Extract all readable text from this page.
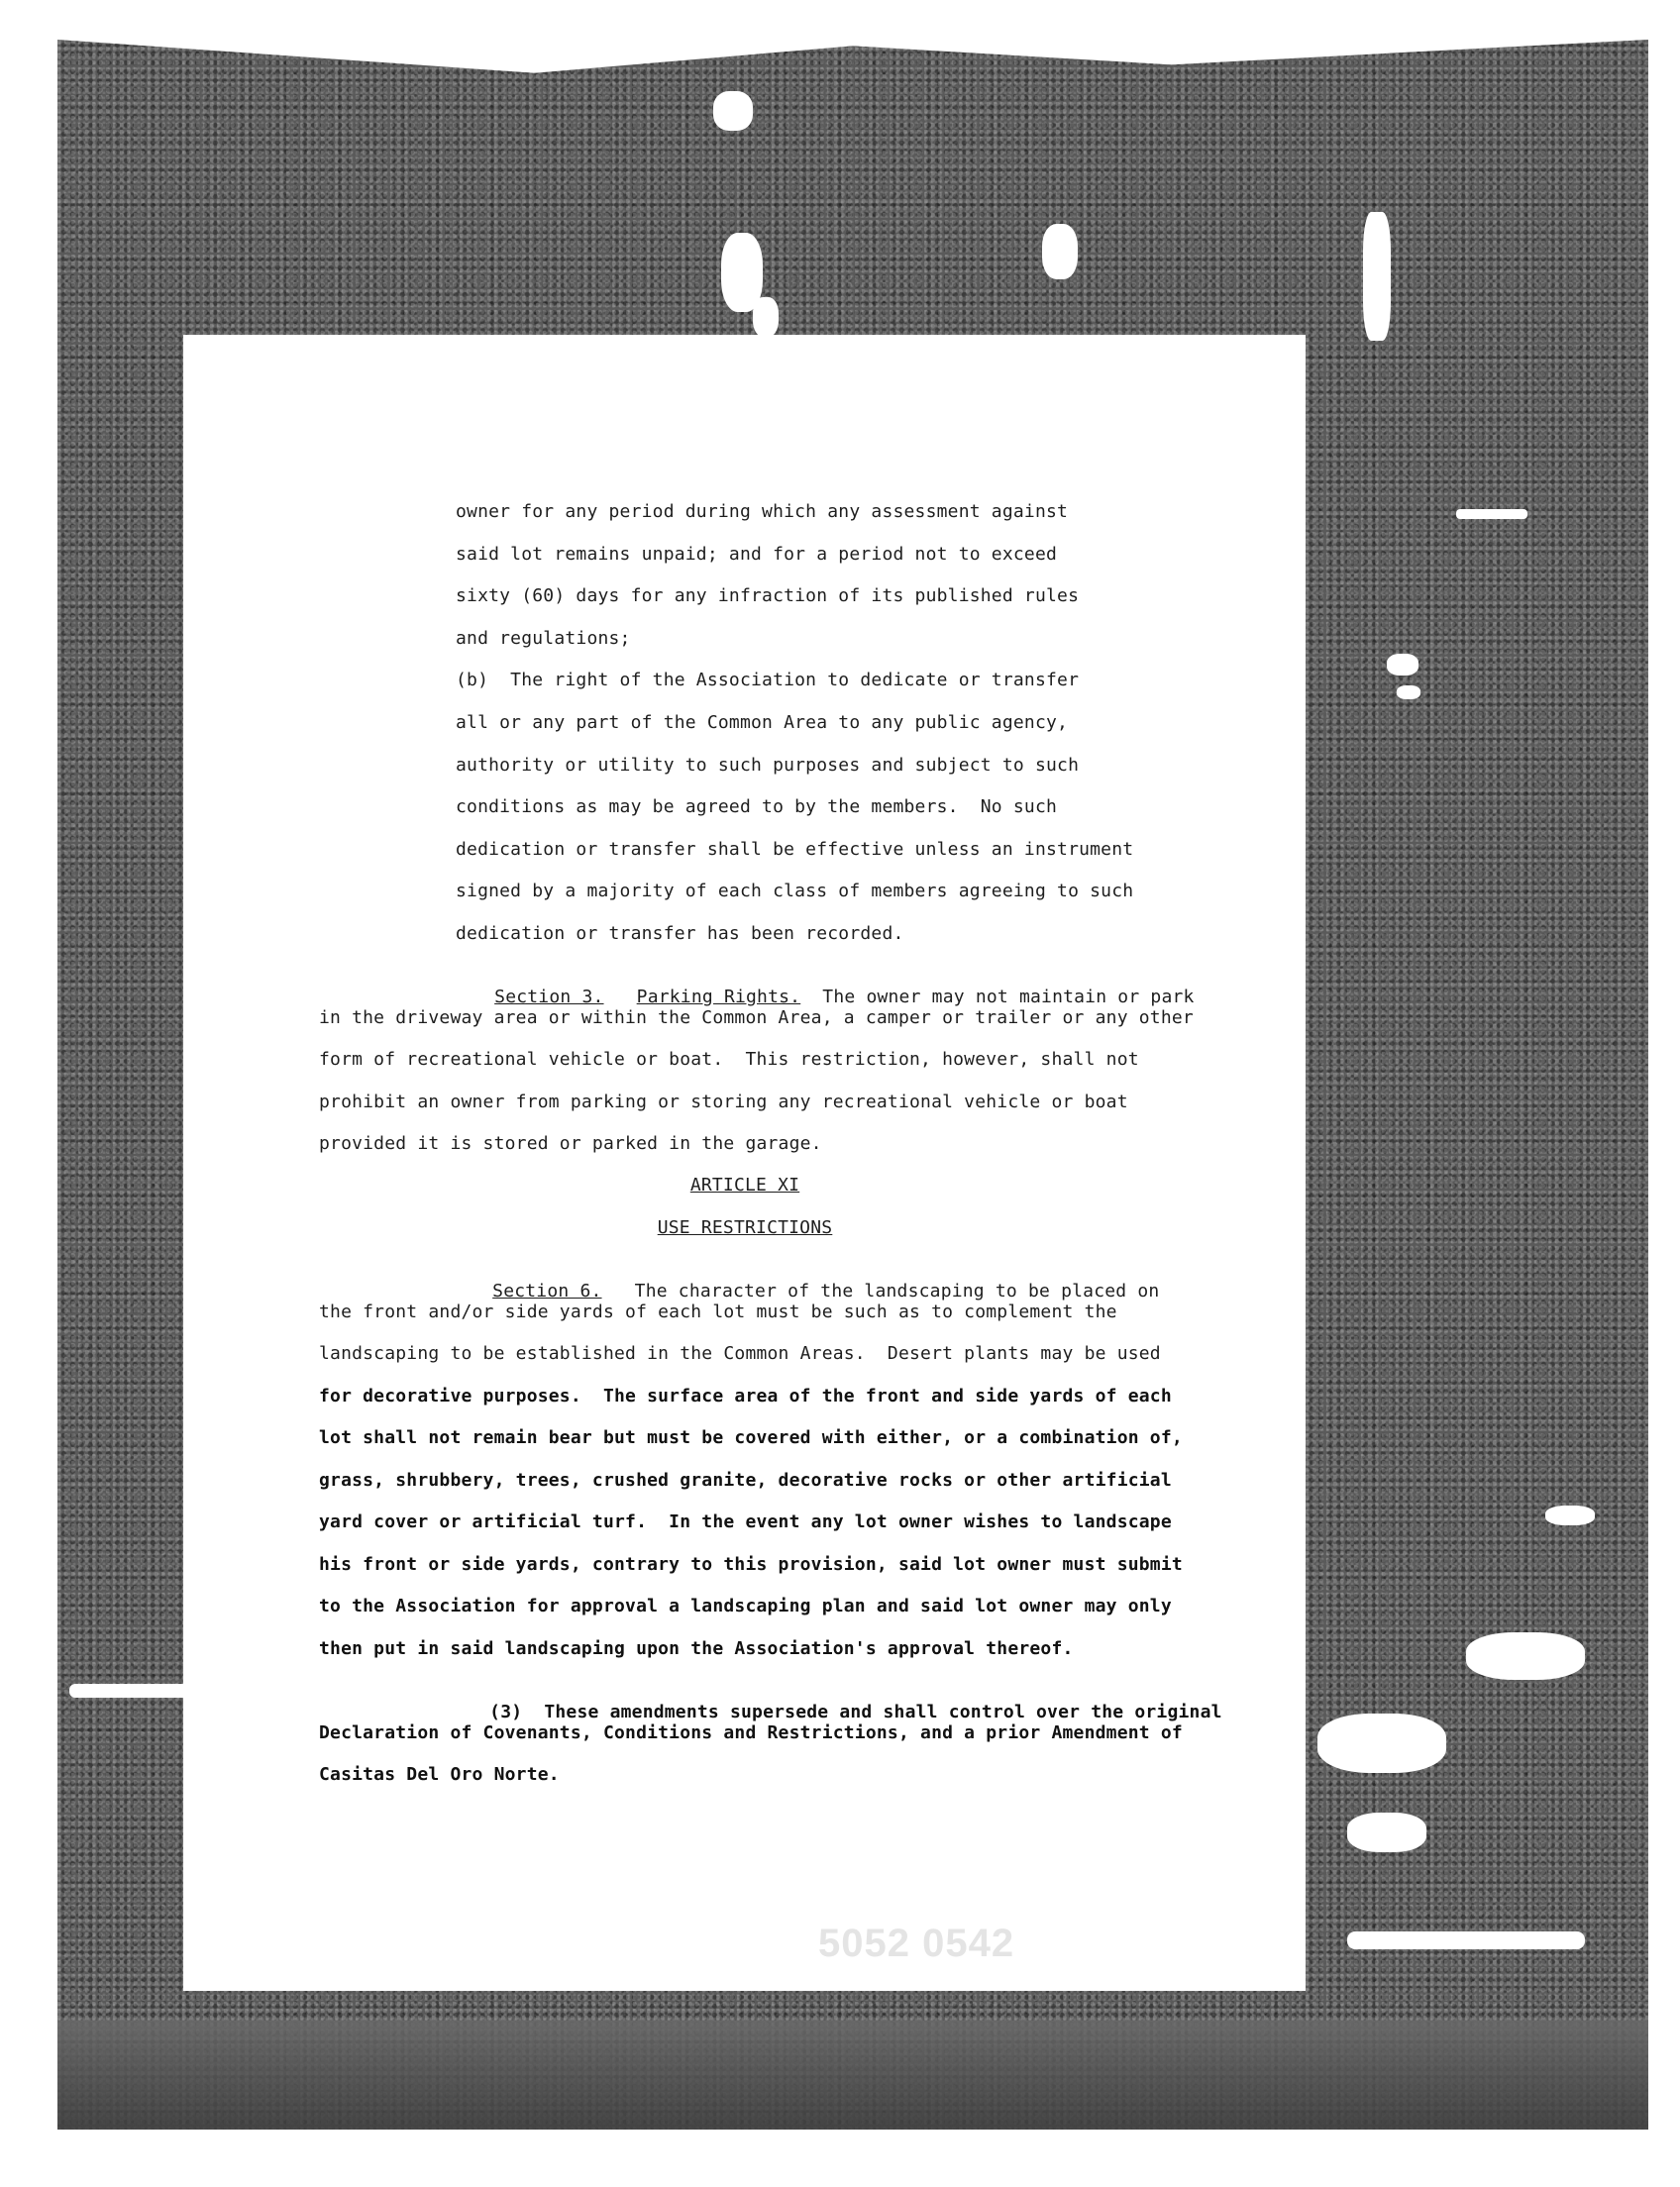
owner for any period during which any assessment against
said lot remains unpaid; and for a period not to exceed
sixty (60) days for any infraction of its published rules
and regulations;
(b)  The right of the Association to dedicate or transfer
all or any part of the Common Area to any public agency,
authority or utility to such purposes and subject to such
conditions as may be agreed to by the members.  No such
dedication or transfer shall be effective unless an instrument
signed by a majority of each class of members agreeing to such
dedication or transfer has been recorded.

Section 3. Parking Rights. The owner may not maintain or park

in the driveway area or within the Common Area, a camper or trailer or any other
form of recreational vehicle or boat.  This restriction, however, shall not
prohibit an owner from parking or storing any recreational vehicle or boat
provided it is stored or parked in the garage.
ARTICLE XI
USE RESTRICTIONS

Section 6. The character of the landscaping to be placed on

the front and/or side yards of each lot must be such as to complement the
landscaping to be established in the Common Areas.  Desert plants may be used
for decorative purposes.  The surface area of the front and side yards of each
lot shall not remain bear but must be covered with either, or a combination of,
grass, shrubbery, trees, crushed granite, decorative rocks or other artificial
yard cover or artificial turf.  In the event any lot owner wishes to landscape
his front or side yards, contrary to this provision, said lot owner must submit
to the Association for approval a landscaping plan and said lot owner may only
then put in said landscaping upon the Association's approval thereof.

(3) These amendments supersede and shall control over the original

Declaration of Covenants, Conditions and Restrictions, and a prior Amendment of
Casitas Del Oro Norte.
5052 0542
